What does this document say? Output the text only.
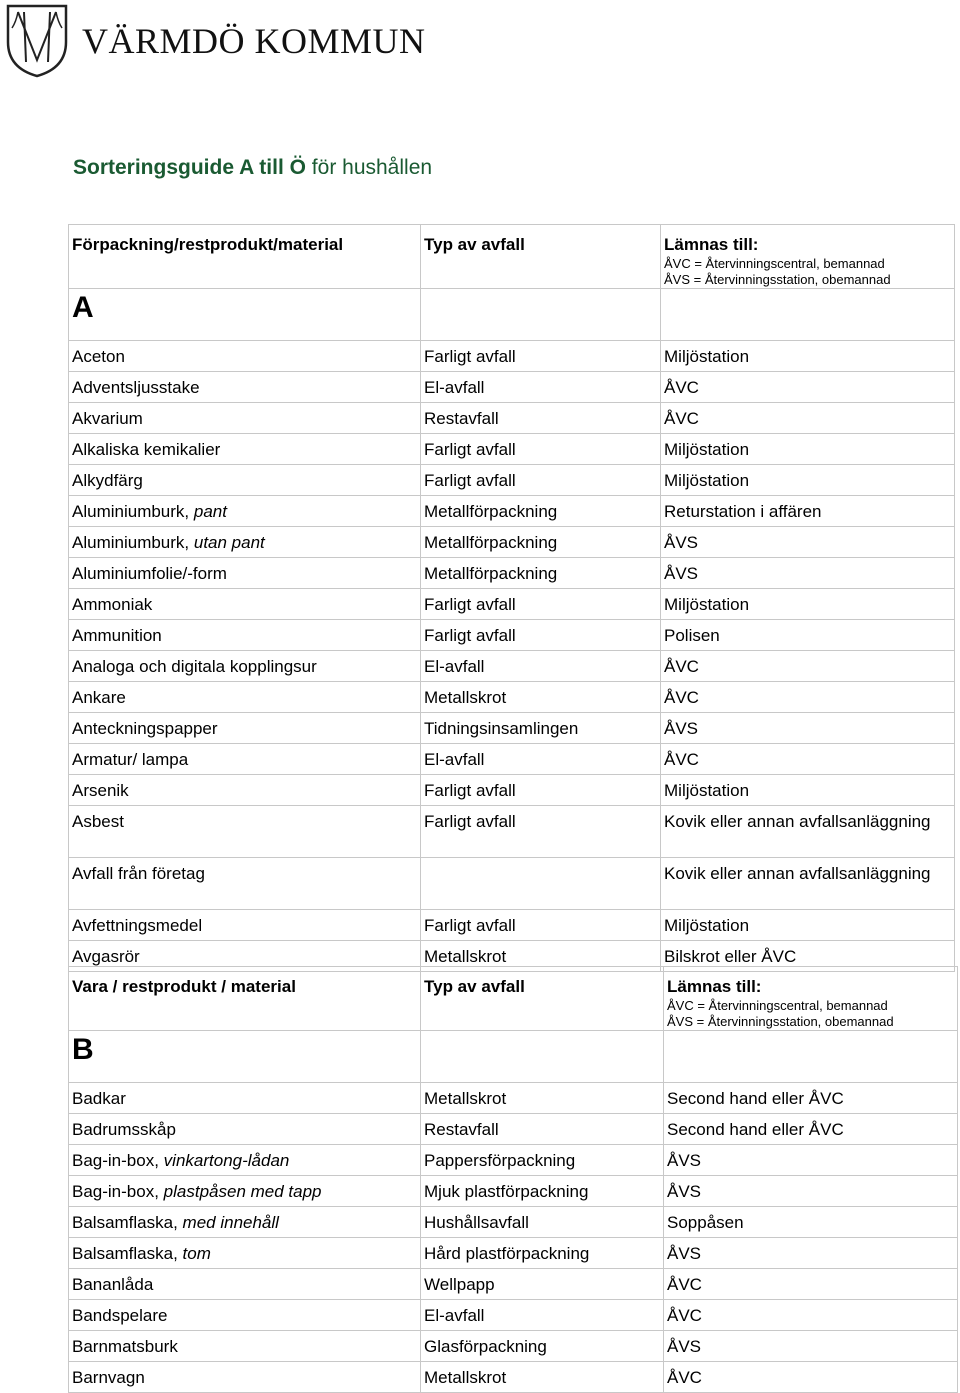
VÄRMDÖ KOMMUN
Sorteringsguide A till Ö för hushållen
Förpackning/restprodukt/material	Typ av avfall	Lämnas till:
ÅVC = Återvinningscentral, bemannad
ÅVS = Återvinningsstation, obemannad

A		
Aceton	Farligt avfall	Miljöstation
Adventsljusstake	El-avfall	ÅVC
Akvarium	Restavfall	ÅVC
Alkaliska kemikalier	Farligt avfall	Miljöstation
Alkydfärg	Farligt avfall	Miljöstation
Aluminiumburk, pant	Metallförpackning	Returstation i affären
Aluminiumburk, utan pant	Metallförpackning	ÅVS
Aluminiumfolie/-form	Metallförpackning	ÅVS
Ammoniak	Farligt avfall	Miljöstation
Ammunition	Farligt avfall	Polisen
Analoga och digitala kopplingsur	El-avfall	ÅVC
Ankare	Metallskrot	ÅVC
Anteckningspapper	Tidningsinsamlingen	ÅVS
Armatur/ lampa	El-avfall	ÅVC
Arsenik	Farligt avfall	Miljöstation
Asbest	Farligt avfall	Kovik eller annan avfallsanläggning
Avfall från företag		Kovik eller annan avfallsanläggning
Avfettningsmedel	Farligt avfall	Miljöstation
Avgasrör	Metallskrot	Bilskrot eller ÅVC
Vara / restprodukt / material	Typ av avfall	Lämnas till:
ÅVC = Återvinningscentral, bemannad
ÅVS = Återvinningsstation, obemannad

B		
Badkar	Metallskrot	Second hand eller ÅVC
Badrumsskåp	Restavfall	Second hand eller ÅVC
Bag-in-box, vinkartong-lådan	Pappersförpackning	ÅVS
Bag-in-box, plastpåsen med tapp	Mjuk plastförpackning	ÅVS
Balsamflaska, med innehåll	Hushållsavfall	Soppåsen
Balsamflaska, tom	Hård plastförpackning	ÅVS
Bananlåda	Wellpapp	ÅVC
Bandspelare	El-avfall	ÅVC
Barnmatsburk	Glasförpackning	ÅVS
Barnvagn	Metallskrot	ÅVC
